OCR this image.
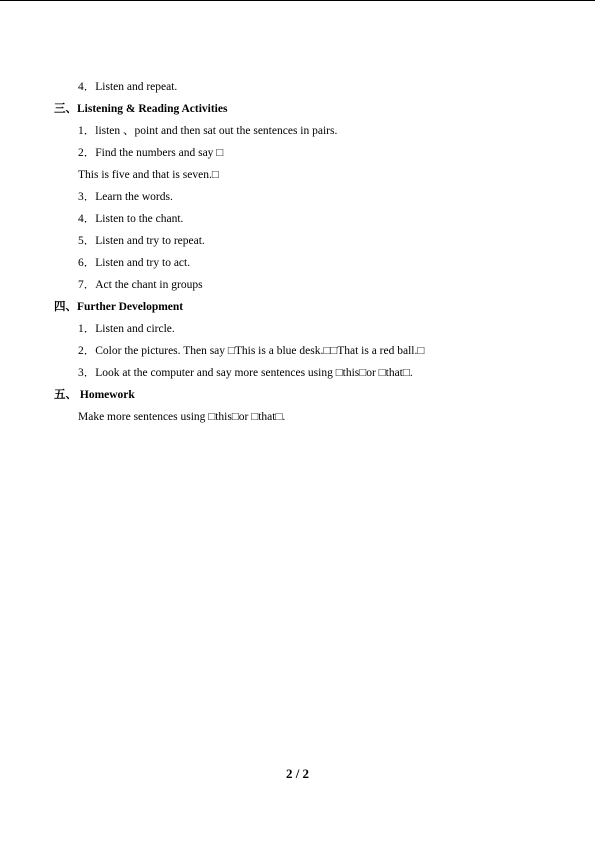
4．Listen and repeat.
三、Listening & Reading Activities
1．listen 、point and then sat out the sentences in pairs.
2．Find the numbers and say □
This is five and that is seven.□
3．Learn the words.
4．Listen to the chant.
5．Listen and try to repeat.
6．Listen and try to act.
7．Act the chant in groups
四、Further Development
1．Listen and circle.
2．Color the pictures. Then say □This is a blue desk.□□That is a red ball.□
3．Look at the computer and say more sentences using □this□or □that□.
五、 Homework
Make more sentences using □this□or □that□.
2 / 2
